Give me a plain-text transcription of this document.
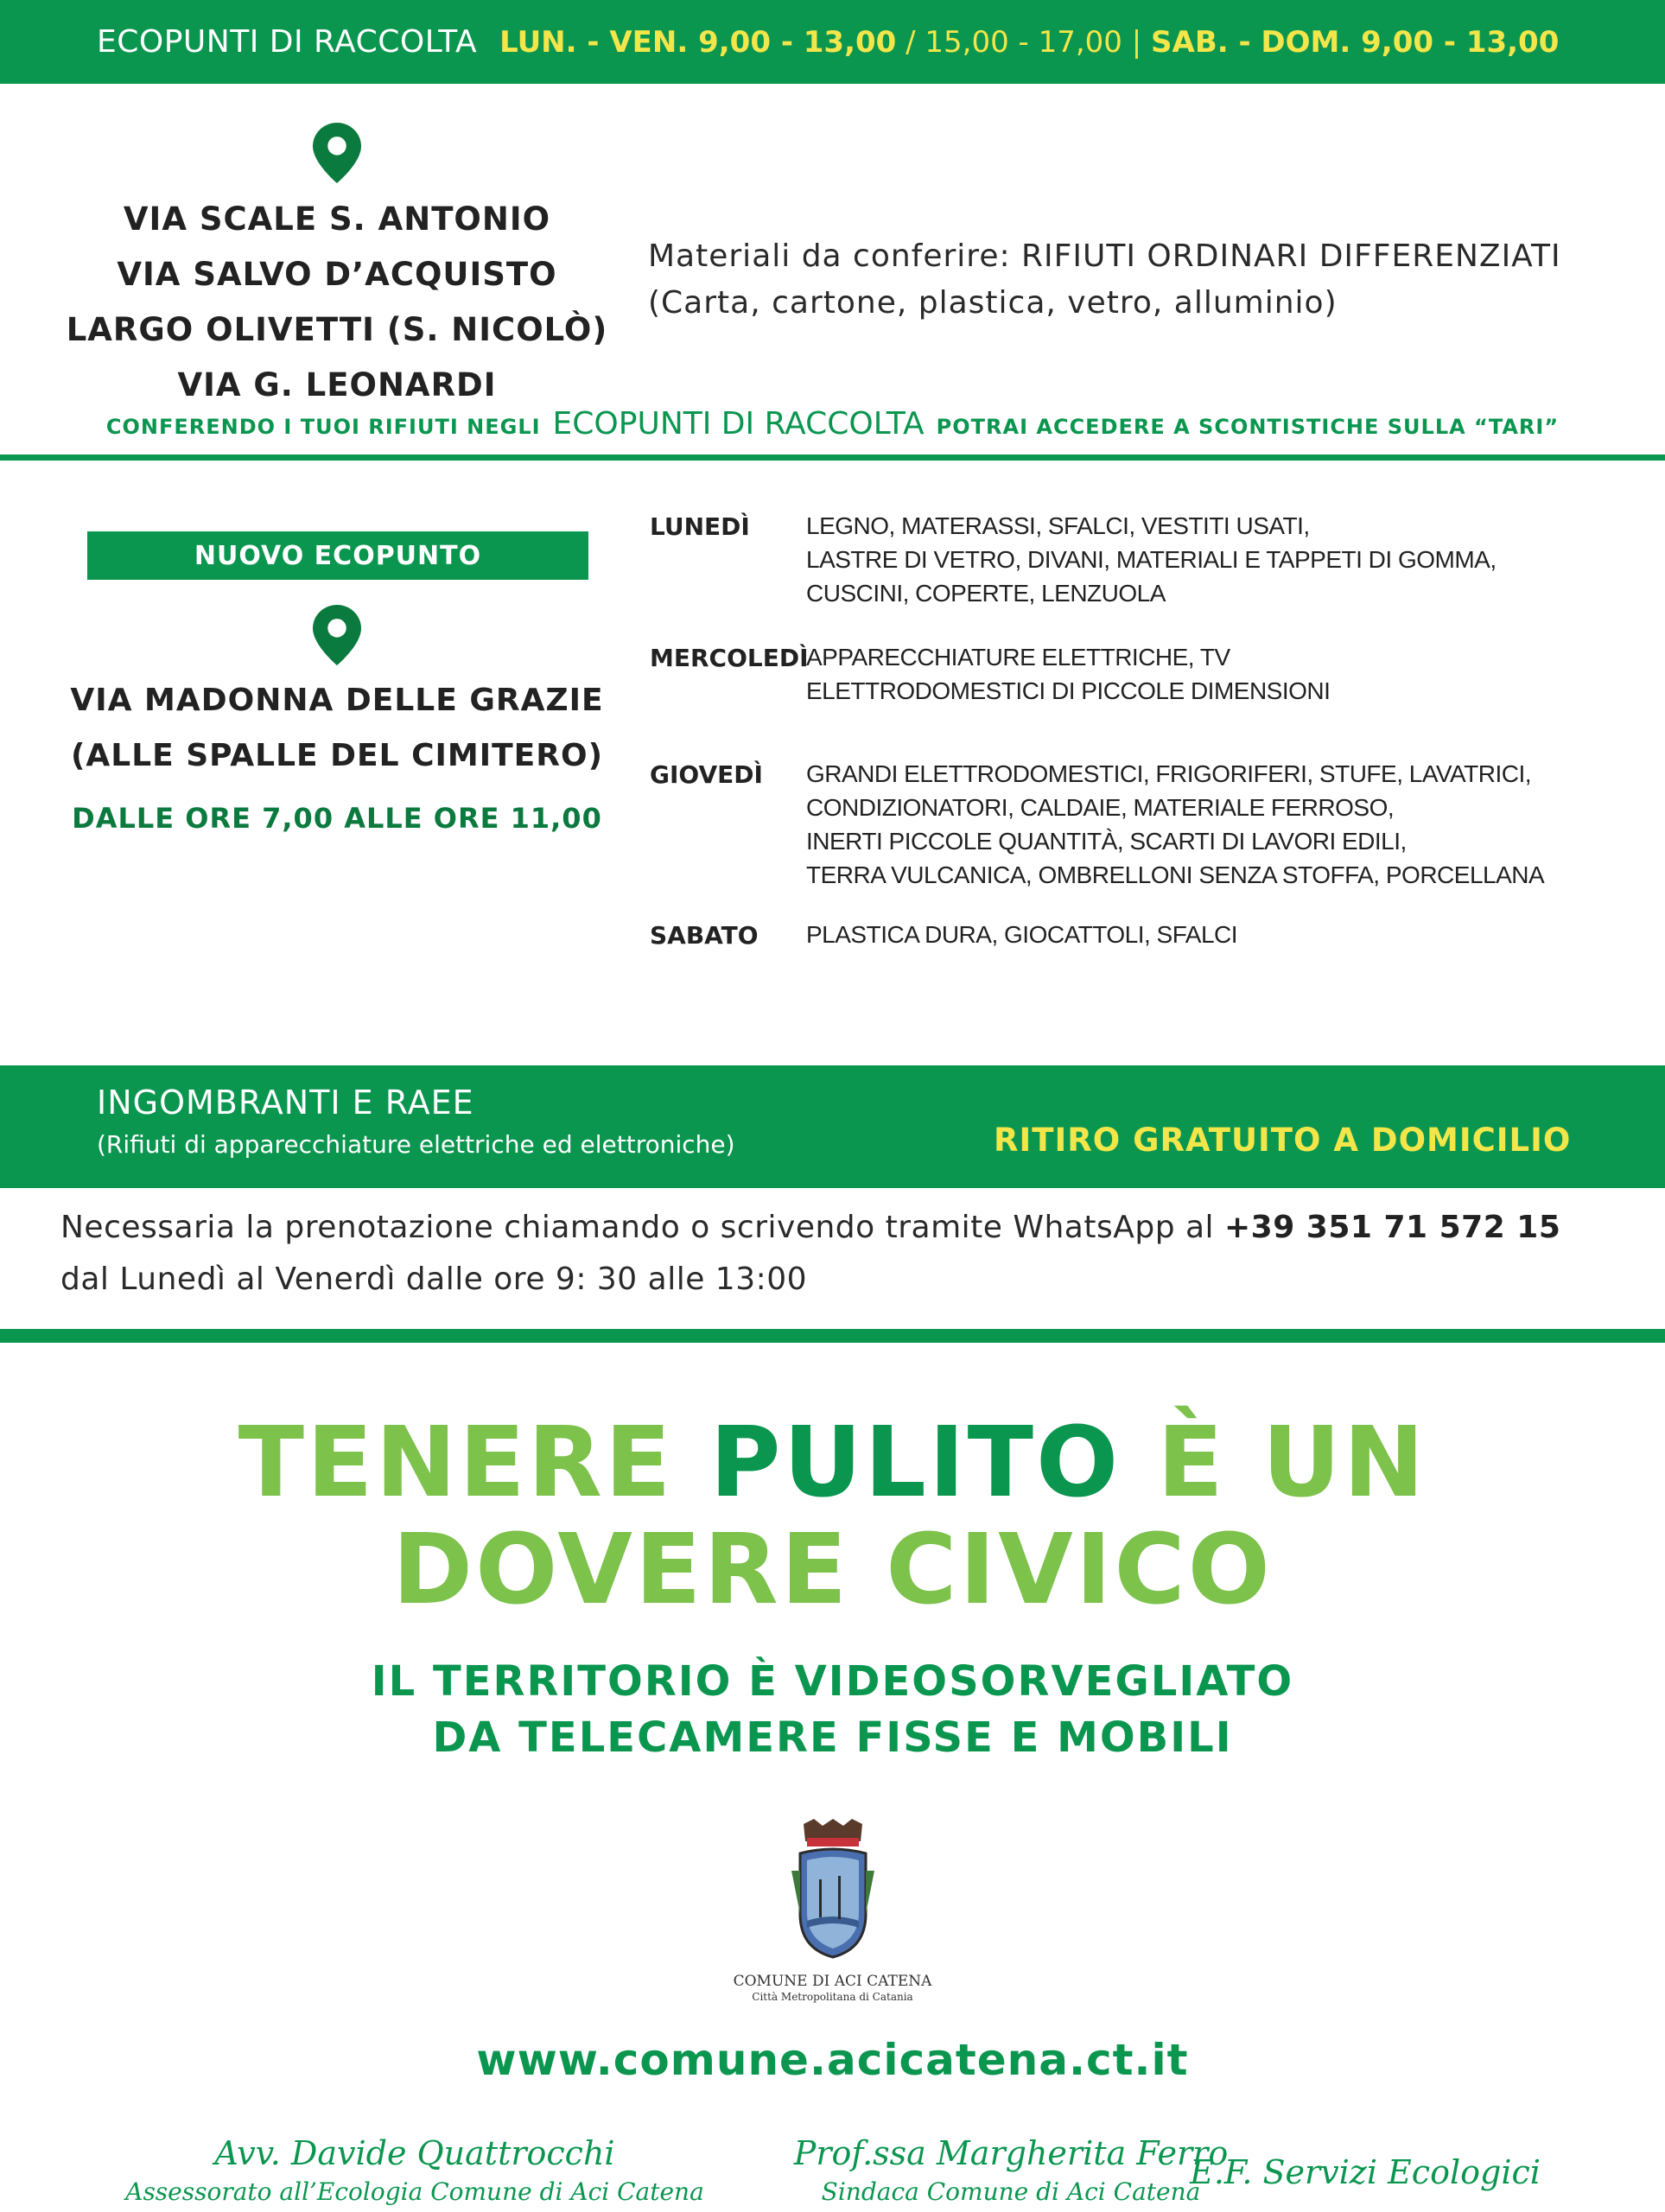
ECOPUNTI DI RACCOLTA LUN. - VEN. 9,00 - 13,00 / 15,00 - 17,00 | SAB. - DOM. 9,00 - 13,00
VIA SCALE S. ANTONIO
VIA SALVO D’ACQUISTO
LARGO OLIVETTI (S. NICOLÒ)
VIA G. LEONARDI
Materiali da conferire: RIFIUTI ORDINARI DIFFERENZIATI
(Carta, cartone, plastica, vetro, alluminio)
CONFERENDO I TUOI RIFIUTI NEGLI ECOPUNTI DI RACCOLTA POTRAI ACCEDERE A SCONTISTICHE SULLA “TARI”
NUOVO ECOPUNTO
VIA MADONNA DELLE GRAZIE
(ALLE SPALLE DEL CIMITERO)
DALLE ORE 7,00 ALLE ORE 11,00
LUNEDÌ LEGNO, MATERASSI, SFALCI, VESTITI USATI,
LASTRE DI VETRO, DIVANI, MATERIALI E TAPPETI DI GOMMA,
CUSCINI, COPERTE, LENZUOLA
MERCOLEDÌ
APPARECCHIATURE ELETTRICHE, TV
ELETTRODOMESTICI DI PICCOLE DIMENSIONI
GIOVEDÌ GRANDI ELETTRODOMESTICI, FRIGORIFERI, STUFE, LAVATRICI,
CONDIZIONATORI, CALDAIE, MATERIALE FERROSO,
INERTI PICCOLE QUANTITÀ, SCARTI DI LAVORI EDILI,
TERRA VULCANICA, OMBRELLONI SENZA STOFFA, PORCELLANA
SABATO PLASTICA DURA, GIOCATTOLI, SFALCI
INGOMBRANTI E RAEE
(Rifiuti di apparecchiature elettriche ed elettroniche)	RITIRO GRATUITO A DOMICILIO
Necessaria la prenotazione chiamando o scrivendo tramite WhatsApp al +39 351 71 572 15
dal Lunedì al Venerdì dalle ore 9: 30 alle 13:00
TENERE PULITO È UN
DOVERE CIVICO
IL TERRITORIO È VIDEOSORVEGLIATO
DA TELECAMERE FISSE E MOBILI
COMUNE DI ACI CATENA
Città Metropolitana di Catania
www.comune.acicatena.ct.it
Avv. Davide Quattrocchi
Assessorato all’Ecologia Comune di Aci Catena
Prof.ssa Margherita Ferro
Sindaca Comune di Aci Catena
E.F. Servizi Ecologici
